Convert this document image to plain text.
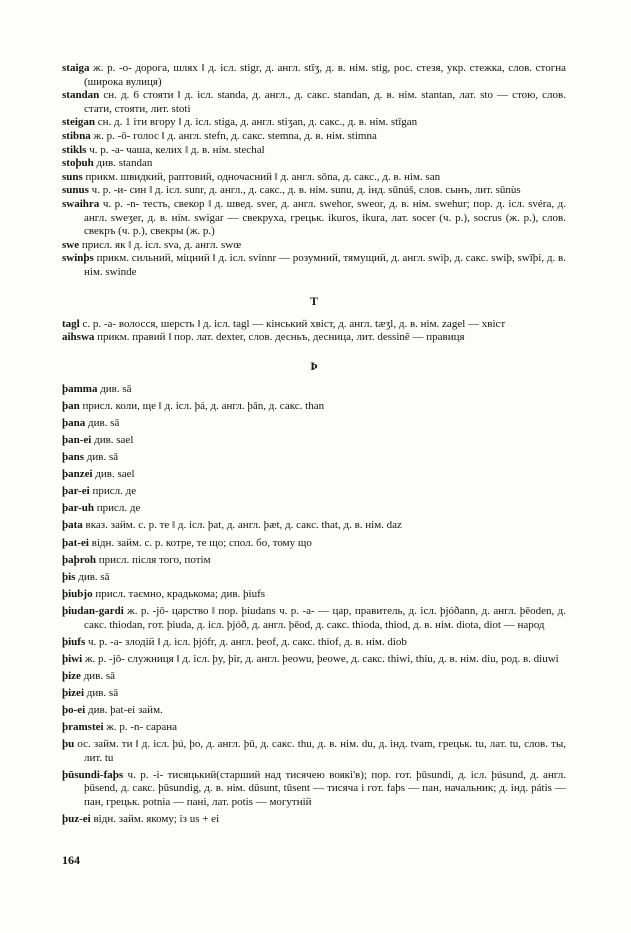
staiga ж. р. -о- дорога, шлях ‖ д. ісл. stigr, д. англ. stīʒ, д. в. нім. stig, рос. стезя, укр. стежка, слов. стогна (широка вулиця)

standan сн. д. 6 стояти ‖ д. ісл. standa, д. англ., д. сакс. standan, д. в. нім. stantan, лат. sto — стою, слов. стати, стояти, лит. stoti

steigan сн. д. 1 іти вгору ‖ д. ісл. stiga, д. англ. stiʒan, д. сакс., д. в. нім. stīgan

stibna ж. р. -ō- голос ‖ д. англ. stefn, д. сакс. stemna, д. в. нім. stimna

stikls ч. р. -а- чаша, келих ‖ д. в. нім. stechal

stoþuh див. standan

suns прикм. швидкий, раптовий, одночасний ‖ д. англ. sōna, д. сакс., д. в. нім. san

sunus ч. р. -и- син ‖ д. ісл. sunr, д. англ., д. сакс., д. в. нім. sunu, д. інд. sūnúš, слов. сынъ, лит. sūnùs

swaihra ч. р. -n- тесть, свекор ‖ д. швед. sver, д. англ. swehor, sweor, д. в. нім. swehur; пор. д. ісл. svéra, д. англ. sweʒer, д. в. нім. swigar — свекруха, грецьк. ikuros, ikura, лат. socer (ч. р.), socrus (ж. р.), слов. свекръ (ч. р.), свекры (ж. р.)

swe присл. як ‖ д. ісл. sva, д. англ. swœ

swinþs прикм. сильний, міцний ‖ д. ісл. svinnr — розумний, тямущий, д. англ. swiþ, д. сакс. swiþ, swīþi, д. в. нім. swinde

T

tagl с. р. -а- волосся, шерсть ‖ д. ісл. tagl — кінський хвіст, д. англ. tæʒl, д. в. нім. zagel — хвіст

aihswa прикм. правий ‖ пор. лат. dexter, слов. десньъ, десница, лит. dessinẽ — правиця

Þ

þamma див. sā

þan присл. коли, ще ‖ д. ісл. þá, д. англ. þān, д. сакс. than

þana див. sā

þan-ei див. sael

þans див. sā

þanzei див. sael

þar-ei присл. де

þar-uh присл. де

þata вказ. займ. с. р. те ‖ д. ісл. þat, д. англ. þæt, д. сакс. that, д. в. нім. daz

þat-ei відн. займ. с. р. котре, те що; спол. бо, тому що

þaþroh присл. після того, потім

þis див. sā

þiubjo присл. таємно, крадькома; див. þiufs

þiudan-gardi ж. р. -jō- царство ‖ пор. þiudans ч. р. -а- — цар, правитель, д. ісл. þjóðann, д. англ. þēoden, д. сакс. thiodan, гот. þiuda, д. ісл. þjóð, д. англ. þēod, д. сакс. thioda, thiod, д. в. нім. diota, diot — народ

þiufs ч. р. -а- злодій ‖ д. ісл. þjófr, д. англ. þeof, д. сакс. thiof, д. в. нім. diob

þiwi ж. р. -jō- служниця ‖ д. ісл. þy, þir, д. англ. þeowu, þeowe, д. сакс. thiwi, thiu, д. в. нім. diu, род. в. diuwi

þize див. sā

þizei див. sā

þo-ei див. þat-ei займ.

þramstei ж. р. -n- сарана

þu ос. займ. ти ‖ д. ісл. þú, þo, д. англ. þū, д. сакс. thu, д. в. нім. du, д. інд. tvam, грецьк. tu, лат. tu, слов. ты, лит. tu

þūsundi-faþs ч. р. -і- тисяцький(старший над тисячею воякі'в); пор. гот. þūsundi, д. ісл. þúsund, д. англ. þūsend, д. сакс. þūsundig, д. в. нім. dūsunt, tūsent — тисяча і гот. faþs — пан, начальник; д. інд. pátis — пан, грецьк. potnia — пані, лат. potis — могутній

þuz-ei відн. займ. якому; із us + ei

164
